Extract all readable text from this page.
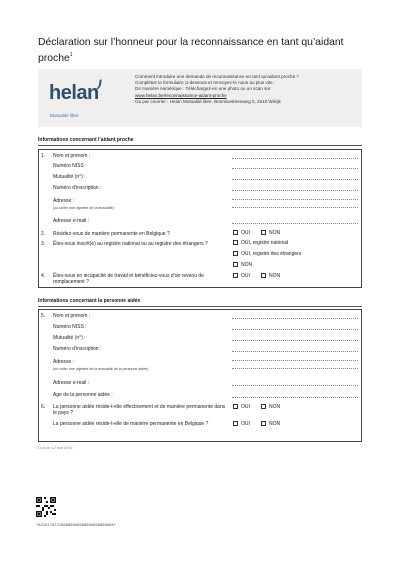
Déclaration sur l’honneur pour la reconnaissance en tant qu’aidant proche$^1$
helan
Mutualité libre
Comment introduire une demande de reconnaissance en tant qu’aidant proche ?
Complétez le formulaire ci-dessous et renvoyez-le nous au plus vite :
De manière numérique : Téléchargez-en une photo ou un scan sur
www.helan.be/reconnaissance-aidant-proche
Ou par courrier : Helan Mutualité libre, Boomsesteenweg 5, 2610 Wilrijk
Informations concernant l’aidant proche
1. Nom et prénom :
Numéro NISS :
Mutualité (n°) :
Numéro d’inscription :
Adresse :
(ou coller une vignette de la mutualité)
Adresse e-mail :
2. Résidez-vous de manière permanente en Belgique ?	OUI	NON
3. Êtes-vous inscrit(e) au registre national ou au registre des étrangers ?	OUI, registre national
OUI, registre des étrangers
NON
4. Êtes-vous en incapacité de travail et bénéficiez-vous d’un revenu de remplacement ?
OUI	NON
Informations concernant la personne aidée
5. Nom et prénom :
Numéro NISS :
Mutualité (n°) :
Numéro d’inscription :
Adresse :
(ou coller une vignette de la mutualité de la personne aidée)
Adresse e-mail :
Age de la personne aidée :
6. La personne aidée réside-t-elle effectivement et de manière permanente dans le pays ?
OUI	NON
La personne aidée réside-t-elle de manière permanente en Belgique ?	OUI	NON
1 Loi du 12 mai 2014
*A5261701310000000000000000000000A*
